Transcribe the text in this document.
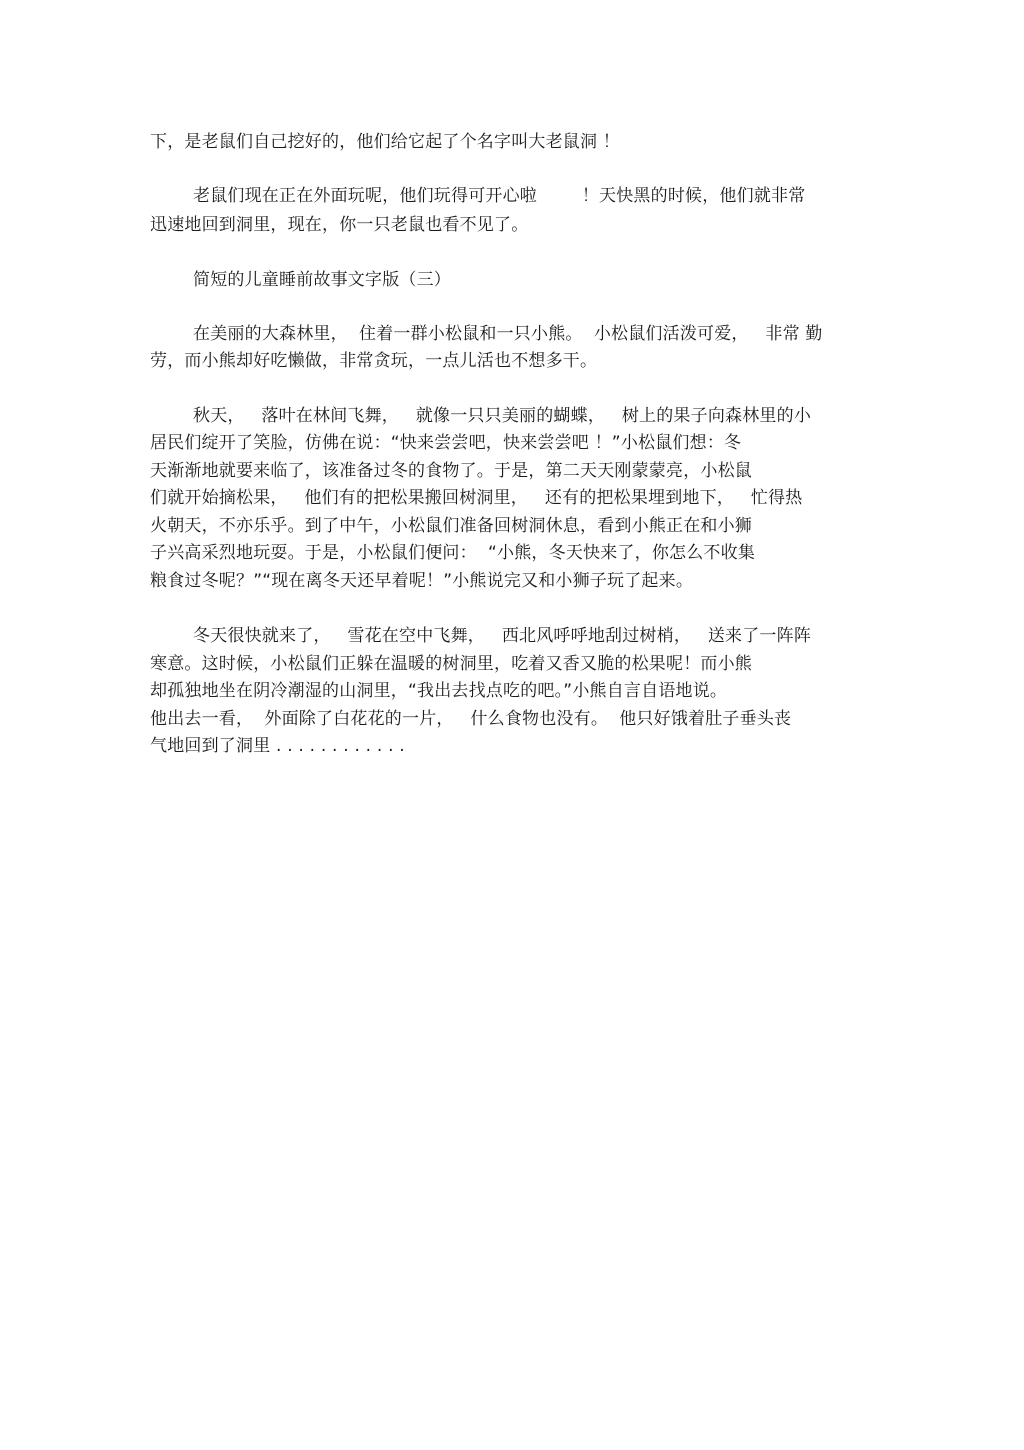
下，是老鼠们自己挖好的，他们给它起了个名字叫大老鼠洞 ！
老鼠们现在正在外面玩呢，他们玩得可开心啦        ！天快黑的时候，他们就非常
迅速地回到洞里，现在，你一只老鼠也看不见了。
简短的儿童睡前故事文字版（三）
在美丽的大森林里，  住着一群小松鼠和一只小熊。  小松鼠们活泼可爱，   非常 勤
劳，而小熊却好吃懒做，非常贪玩，一点儿活也不想多干。
秋天，   落叶在林间飞舞，   就像一只只美丽的蝴蝶，   树上的果子向森林里的小
居民们绽开了笑脸，仿佛在说：“快来尝尝吧，快来尝尝吧 ！”小松鼠们想：冬
天渐渐地就要来临了，该准备过冬的食物了。于是，第二天天刚蒙蒙亮，小松鼠
们就开始摘松果，   他们有的把松果搬回树洞里，   还有的把松果埋到地下，   忙得热
火朝天，不亦乐乎。到了中午，小松鼠们准备回树洞休息，看到小熊正在和小狮
子兴高采烈地玩耍。于是，小松鼠们便问：  “小熊，冬天快来了，你怎么不收集
粮食过冬呢？”“现在离冬天还早着呢！”小熊说完又和小狮子玩了起来。
冬天很快就来了，   雪花在空中飞舞，   西北风呼呼地刮过树梢，   送来了一阵阵
寒意。这时候，小松鼠们正躲在温暖的树洞里，吃着又香又脆的松果呢！而小熊
却孤独地坐在阴冷潮湿的山洞里，“我出去找点吃的吧。”小熊自言自语地说。
他出去一看，  外面除了白花花的一片，   什么食物也没有。  他只好饿着肚子垂头丧
气地回到了洞里 . . . . . . . . . . . .
